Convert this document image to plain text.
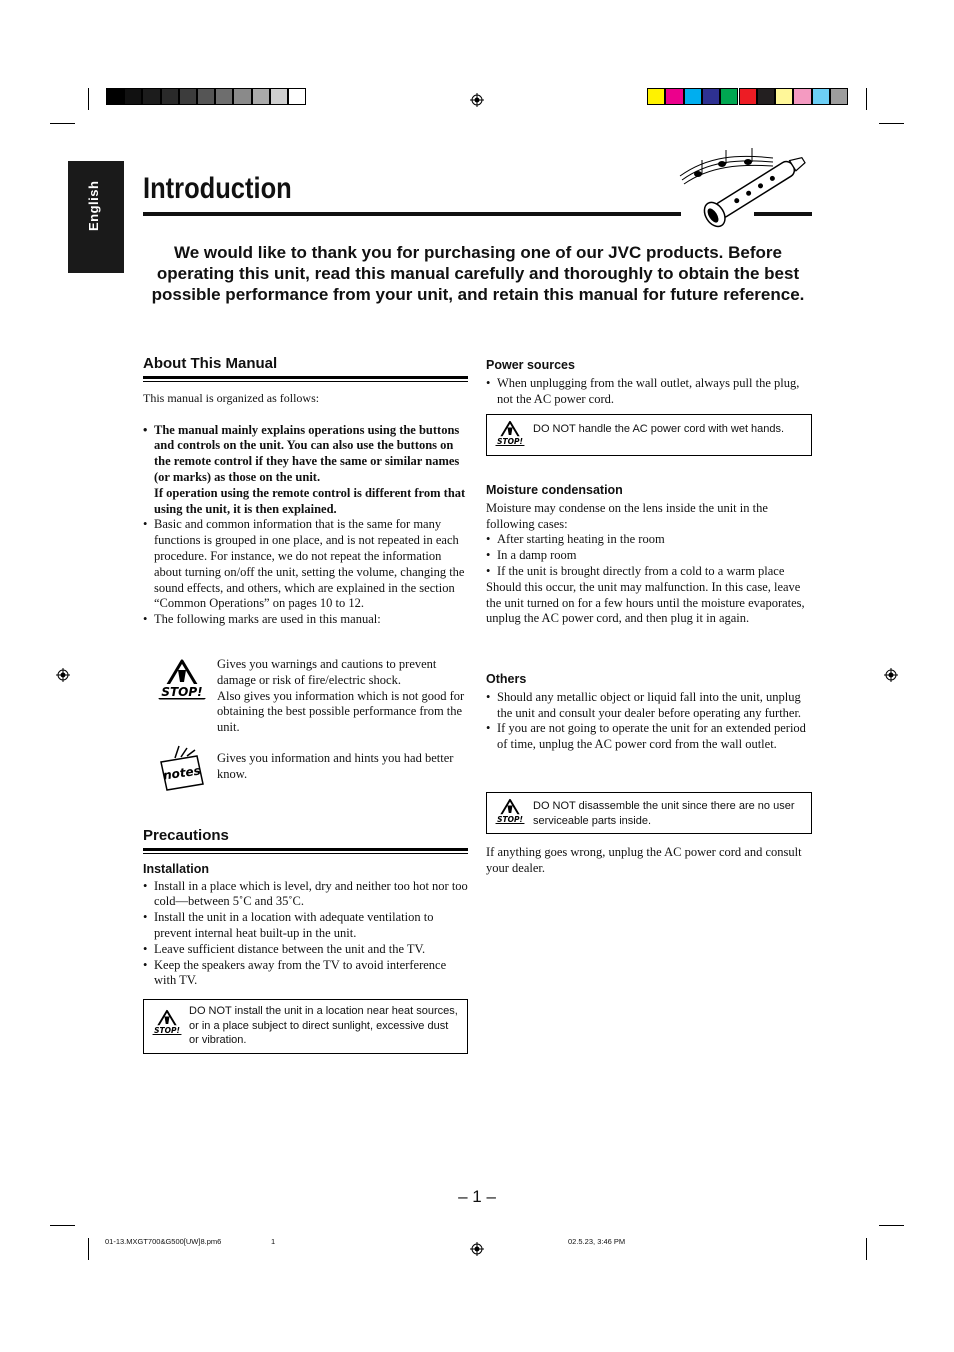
English Introduction
We would like to thank you for purchasing one of our JVC products. Before operating this unit, read this manual carefully and thoroughly to obtain the best possible performance from your unit, and retain this manual for future reference.
About This Manual

This manual is organized as follows:

• The manual mainly explains operations using the buttons and controls on the unit. You can also use the buttons on the remote control if they have the same or similar names (or marks) as those on the unit.
If operation using the remote control is different from that using the unit, it is then explained.
• Basic and common information that is the same for many functions is grouped in one place, and is not repeated in each procedure. For instance, we do not repeat the information about turning on/off the unit, setting the volume, changing the sound effects, and others, which are explained in the section “Common Operations” on pages 10 to 12.
• The following marks are used in this manual:
STOP!
Gives you warnings and cautions to prevent damage or risk of fire/electric shock.
Also gives you information which is not good for obtaining the best possible performance from the unit.
notes
Gives you information and hints you had better know.
Precautions
Installation
• Install in a place which is level, dry and neither too hot nor too cold—between 5˚C and 35˚C.
• Install the unit in a location with adequate ventilation to prevent internal heat built-up in the unit.
• Leave sufficient distance between the unit and the TV.
• Keep the speakers away from the TV to avoid interference with TV.
STOP!
DO NOT install the unit in a location near heat sources, or in a place subject to direct sunlight, excessive dust or vibration.
Power sources
• When unplugging from the wall outlet, always pull the plug, not the AC power cord.
STOP!
DO NOT handle the AC power cord with wet hands.
Moisture condensation

Moisture may condense on the lens inside the unit in the following cases:

• After starting heating in the room
• In a damp room
• If the unit is brought directly from a cold to a warm place

Should this occur, the unit may malfunction. In this case, leave the unit turned on for a few hours until the moisture evaporates, unplug the AC power cord, and then plug it in again.

Others
• Should any metallic object or liquid fall into the unit, unplug the unit and consult your dealer before operating any further.
• If you are not going to operate the unit for an extended period of time, unplug the AC power cord from the wall outlet.
STOP!
DO NOT disassemble the unit since there are no user serviceable parts inside.
If anything goes wrong, unplug the AC power cord and consult your dealer.
– 1 –
01-13.MXGT700&G500[UW]8.pm6	1	02.5.23, 3:46 PM
